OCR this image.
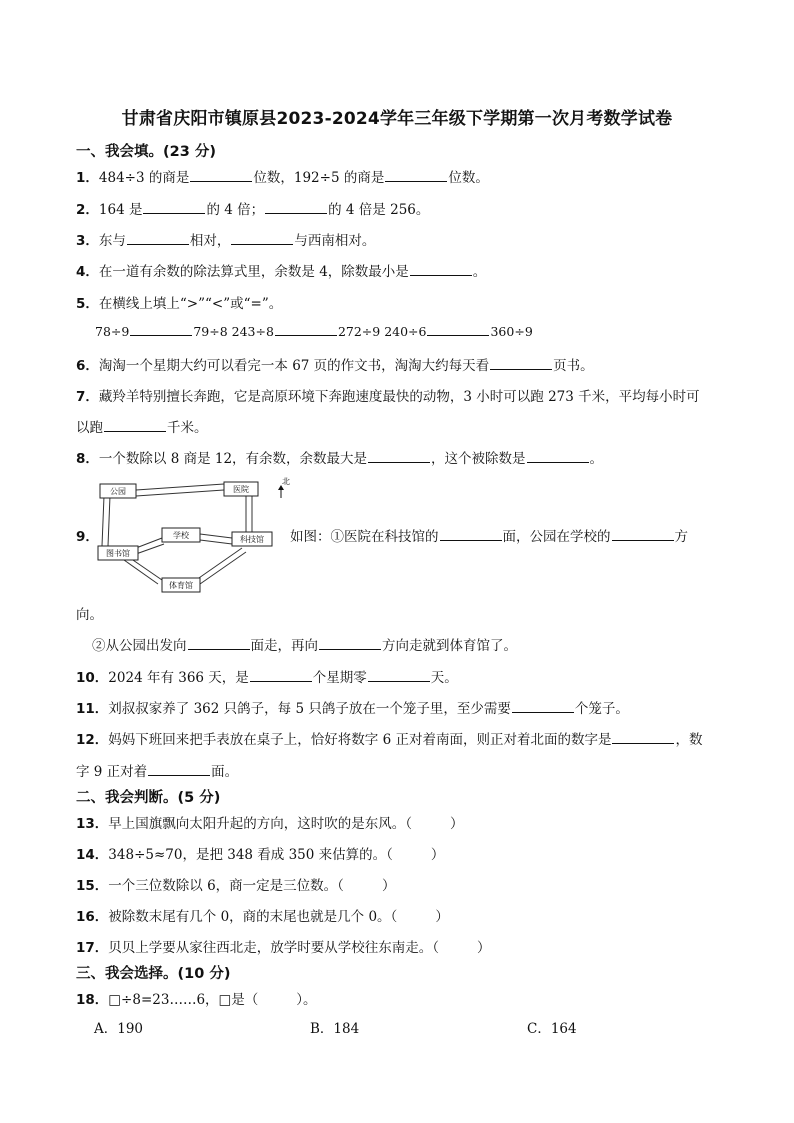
甘肃省庆阳市镇原县2023-2024学年三年级下学期第一次月考数学试卷
一、我会填。(23 分)
1．484÷3 的商是	位数，192÷5 的商是	位数。
2．164 是	的 4 倍；	的 4 倍是 256。
3．东与	相对，	与西南相对。
4．在一道有余数的除法算式里，余数是 4，除数最小是	。
5．在横线上填上“>”“<”或“=”。
78÷9	79÷8 243÷8	272÷9 240÷6	360÷9
6．淘淘一个星期大约可以看完一本 67 页的作文书，淘淘大约每天看	页书。
7．藏羚羊特别擅长奔跑，它是高原环境下奔跑速度最快的动物，3 小时可以跑 273 千米，平均每小时可
以跑	千米。
8．一个数除以 8 商是 12，有余数，余数最大是	，这个被除数是	。
公园	医院
学校
图书馆
科技馆
体育馆
北
9．	如图：①医院在科技馆的	面，公园在学校的	方
向。
②从公园出发向	面走，再向	方向走就到体育馆了。
10．2024 年有 366 天，是	个星期零	天。
11．刘叔叔家养了 362 只鸽子，每 5 只鸽子放在一个笼子里，至少需要	个笼子。
12．妈妈下班回来把手表放在桌子上，恰好将数字 6 正对着南面，则正对着北面的数字是	，数
字 9 正对着	面。
二、我会判断。(5 分)
13．早上国旗飘向太阳升起的方向，这时吹的是东风。（	）
14．348÷5≈70，是把 348 看成 350 来估算的。（	）
15．一个三位数除以 6，商一定是三位数。（	）
16．被除数末尾有几个 0，商的末尾也就是几个 0。（	）
17．贝贝上学要从家往西北走，放学时要从学校往东南走。（	）
三、我会选择。(10 分)
18．□÷8=23……6，□是（	）。
A．190	B．184	C．164
